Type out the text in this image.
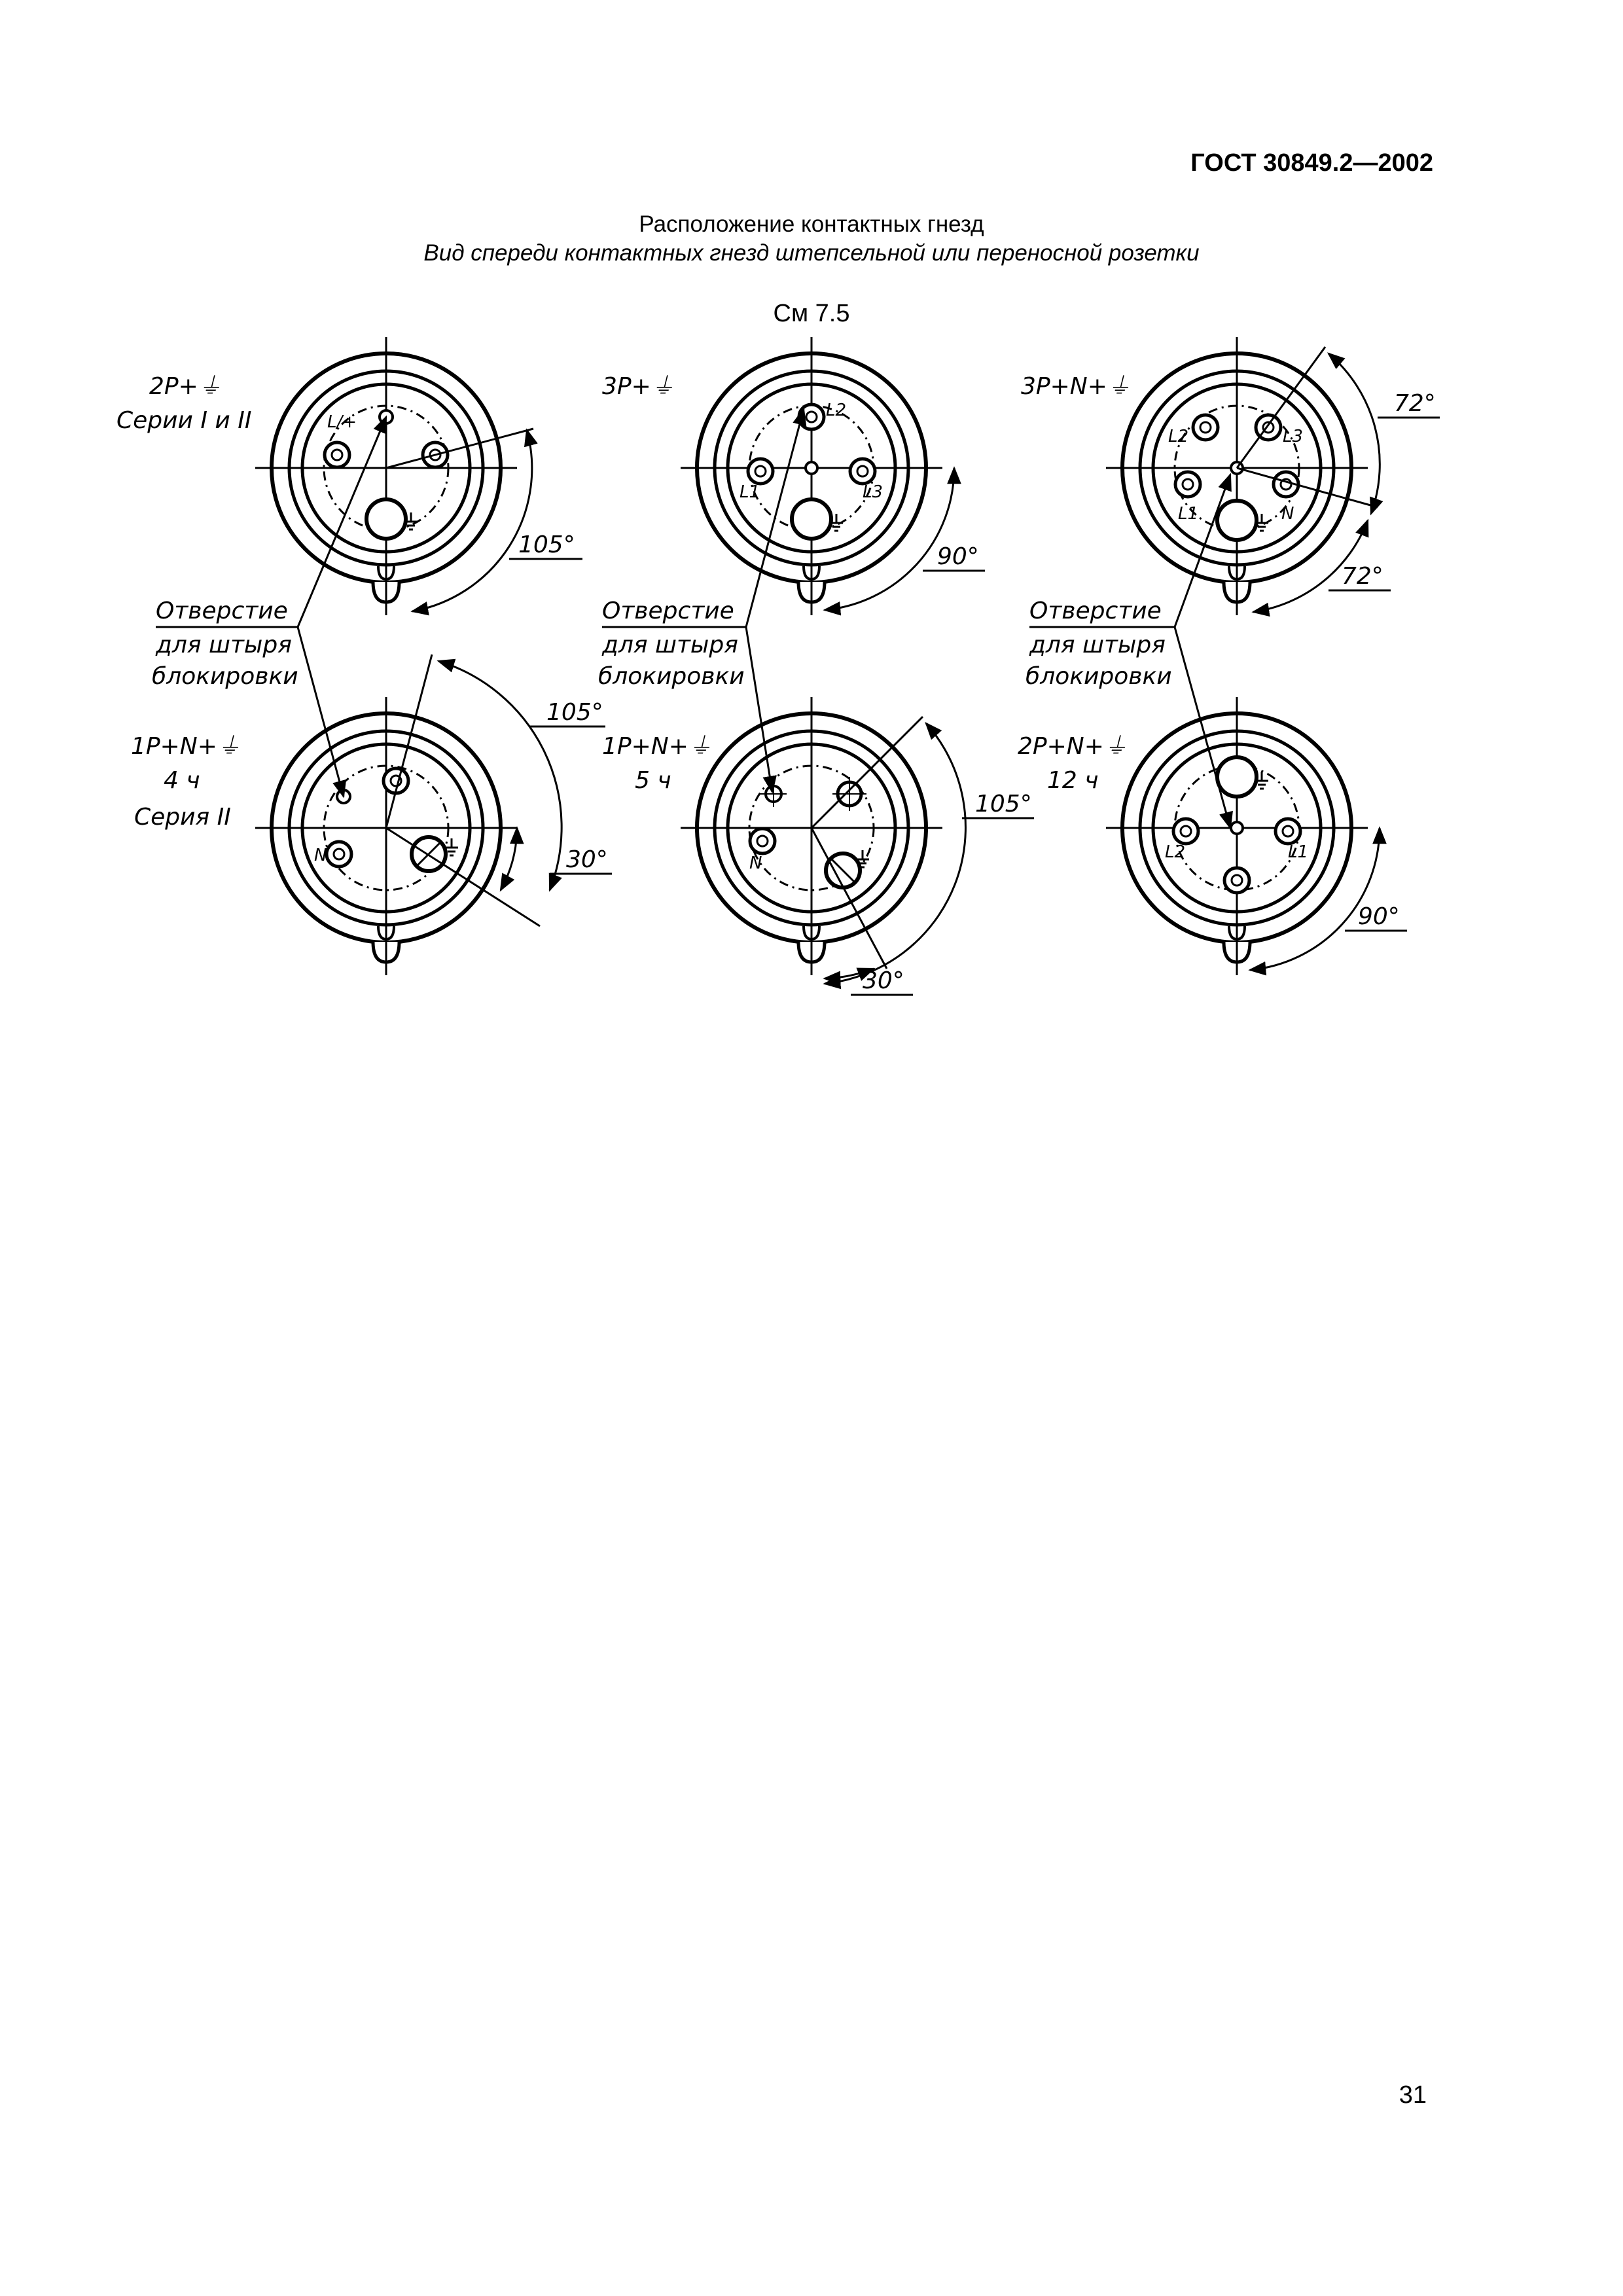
ГОСТ 30849.2—2002
Расположение контактных гнезд
Вид спереди контактных гнезд штепсельной или переносной розетки
См 7.5
L/+
2P+⏚
Серии I и II
105°
L2
L1	L3
3P+⏚
90°
L2	L3
L1	N
3P+N+⏚
72°
72°
N
1P+N+⏚
4 ч
Серия II
105°
30°	N
1P+N+⏚
5 ч
105°
30°
L2	L1
2P+N+⏚
12 ч
90°
Отверстие
для штыря
блокировки
Отверстие
для штыря
блокировки
Отверстие
для штыря
блокировки
31
